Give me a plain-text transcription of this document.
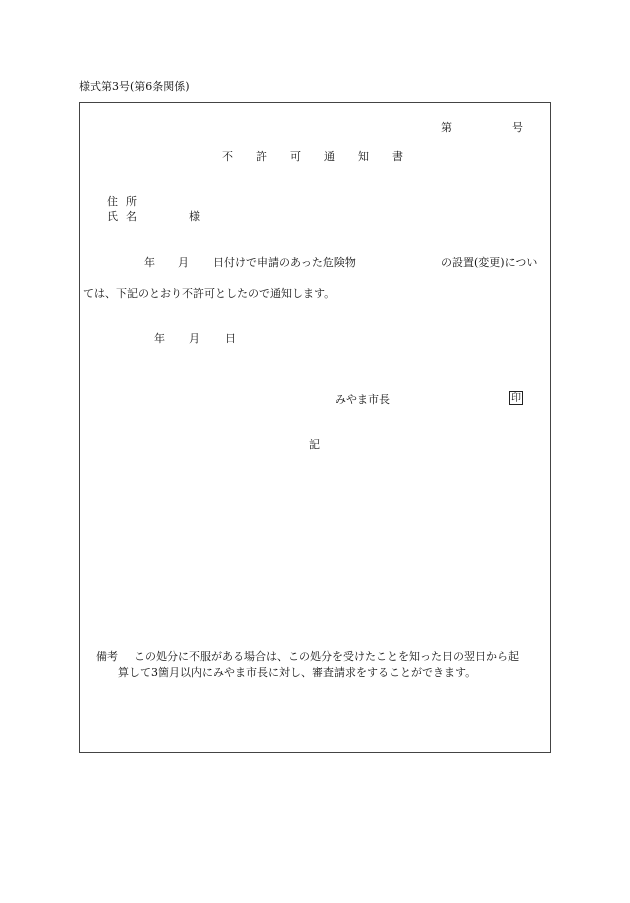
様式第3号(第6条関係)
第	号
不 許 可 通 知 書
住所
氏名	様
年 月 日付けで申請のあった危険物	の設置(変更)につい
ては、下記のとおり不許可としたので通知します。
年 月 日
みやま市長	印
記
備考 この処分に不服がある場合は、この処分を受けたことを知った日の翌日から起
算して3箇月以内にみやま市長に対し、審査請求をすることができます。
